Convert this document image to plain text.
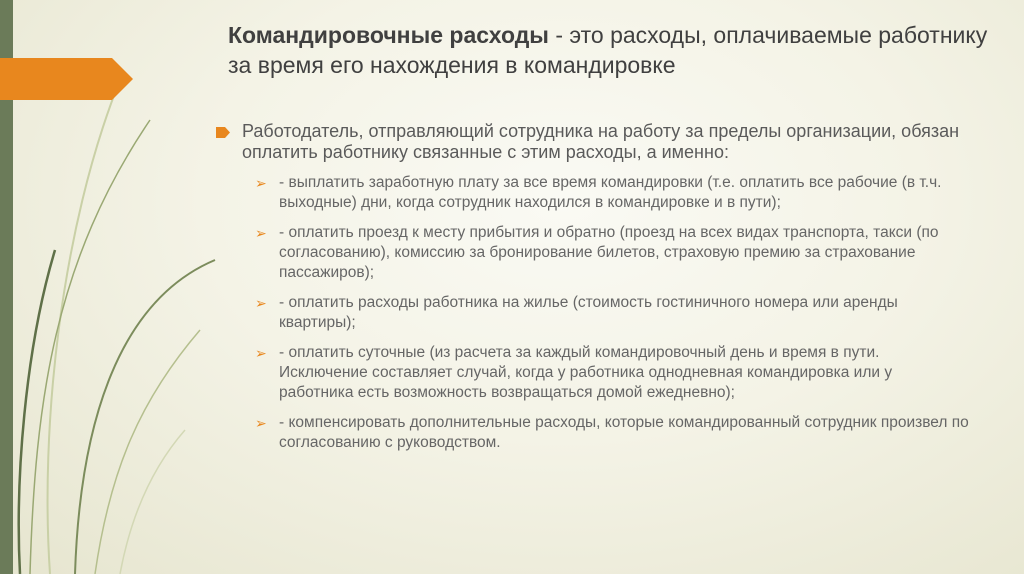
Командировочные расходы - это расходы, оплачиваемые работнику за время его нахождения в командировке
Работодатель, отправляющий сотрудника на работу за пределы организации, обязан оплатить работнику связанные с этим расходы, а именно:
➢ - выплатить заработную плату за все время командировки (т.е. оплатить все рабочие (в т.ч. выходные) дни, когда сотрудник находился в командировке и в пути);
➢ - оплатить проезд к месту прибытия и обратно (проезд на всех видах транспорта, такси (по согласованию), комиссию за бронирование билетов, страховую премию за страхование пассажиров);
➢ - оплатить расходы работника на жилье (стоимость гостиничного номера или аренды квартиры);
➢ - оплатить суточные (из расчета за каждый командировочный день и время в пути. Исключение составляет случай, когда у работника однодневная командировка или у работника есть возможность возвращаться домой ежедневно);
➢ - компенсировать дополнительные расходы, которые командированный сотрудник произвел по согласованию с руководством.
